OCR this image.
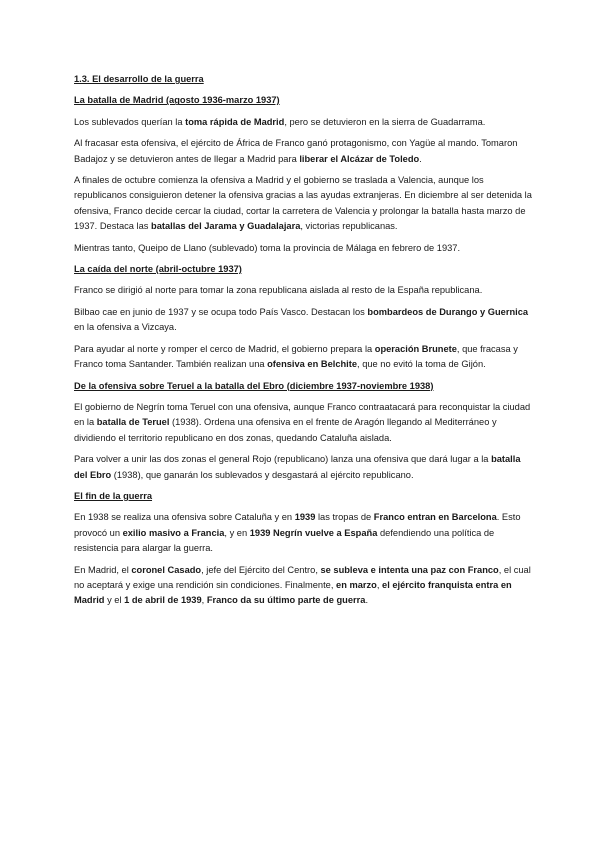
1.3. El desarrollo de la guerra
La batalla de Madrid (agosto 1936-marzo 1937)

Los sublevados querían la toma rápida de Madrid, pero se detuvieron en la sierra de Guadarrama.

Al fracasar esta ofensiva, el ejército de África de Franco ganó protagonismo, con Yagüe al mando. Tomaron Badajoz y se detuvieron antes de llegar a Madrid para liberar el Alcázar de Toledo.

A finales de octubre comienza la ofensiva a Madrid y el gobierno se traslada a Valencia, aunque los republicanos consiguieron detener la ofensiva gracias a las ayudas extranjeras. En diciembre al ser detenida la ofensiva, Franco decide cercar la ciudad, cortar la carretera de Valencia y prolongar la batalla hasta marzo de 1937. Destaca las batallas del Jarama y Guadalajara, victorias republicanas.

Mientras tanto, Queipo de Llano (sublevado) toma la provincia de Málaga en febrero de 1937.

La caída del norte (abril-octubre 1937)

Franco se dirigió al norte para tomar la zona republicana aislada al resto de la España republicana.

Bilbao cae en junio de 1937 y se ocupa todo País Vasco. Destacan los bombardeos de Durango y Guernica en la ofensiva a Vizcaya.

Para ayudar al norte y romper el cerco de Madrid, el gobierno prepara la operación Brunete, que fracasa y Franco toma Santander. También realizan una ofensiva en Belchite, que no evitó la toma de Gijón.

De la ofensiva sobre Teruel a la batalla del Ebro (diciembre 1937-noviembre 1938)

El gobierno de Negrín toma Teruel con una ofensiva, aunque Franco contraatacará para reconquistar la ciudad en la batalla de Teruel (1938). Ordena una ofensiva en el frente de Aragón llegando al Mediterráneo y dividiendo el territorio republicano en dos zonas, quedando Cataluña aislada.

Para volver a unir las dos zonas el general Rojo (republicano) lanza una ofensiva que dará lugar a la batalla del Ebro (1938), que ganarán los sublevados y desgastará al ejército republicano.

El fin de la guerra

En 1938 se realiza una ofensiva sobre Cataluña y en 1939 las tropas de Franco entran en Barcelona. Esto provocó un exilio masivo a Francia, y en 1939 Negrín vuelve a España defendiendo una política de resistencia para alargar la guerra.

En Madrid, el coronel Casado, jefe del Ejército del Centro, se subleva e intenta una paz con Franco, el cual no aceptará y exige una rendición sin condiciones. Finalmente, en marzo, el ejército franquista entra en Madrid y el 1 de abril de 1939, Franco da su último parte de guerra.
